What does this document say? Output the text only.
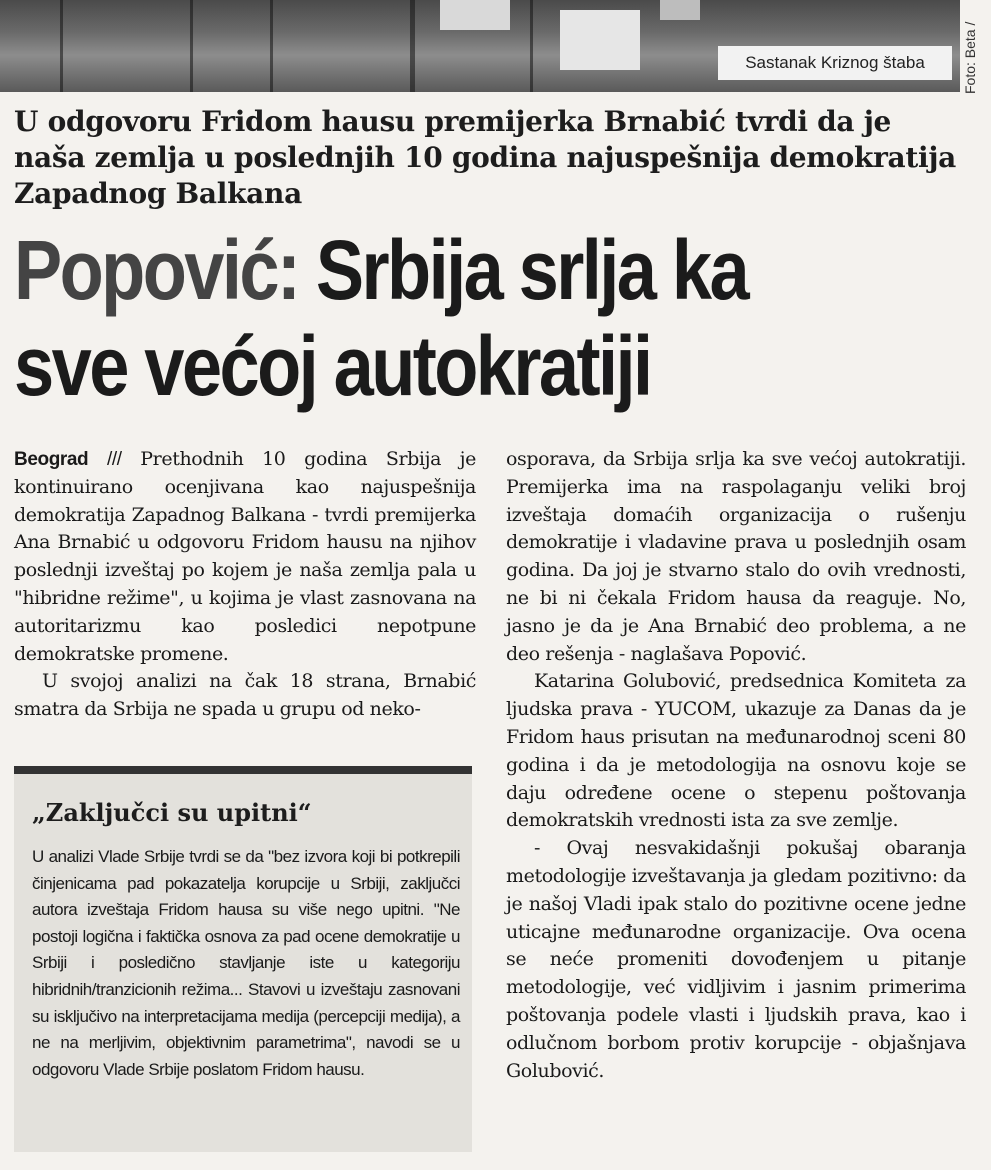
Sastanak Kriznog štaba	Foto: Beta /
U odgovoru Fridom hausu premijerka Brnabić tvrdi da je naša zemlja u poslednjih 10 godina najuspešnija demokratija Zapadnog Balkana
Popović: Srbija srlja ka
sve većoj autokratiji

Beograd /// Prethodnih 10 godina Srbija je kontinuirano ocenjivana kao najuspešnija demokratija Zapadnog Balkana - tvrdi premijerka Ana Brnabić u odgovoru Fridom hausu na njihov poslednji izveštaj po kojem je naša zemlja pala u "hibridne režime", u kojima je vlast zasnovana na autoritarizmu kao posledici nepotpune demokratske promene.

U svojoj analizi na čak 18 strana, Brnabić smatra da Srbija ne spada u grupu od neko-

„Zaključci su upitni“

U analizi Vlade Srbije tvrdi se da "bez izvora koji bi potkrepili činjenicama pad pokazatelja korupcije u Srbiji, zaključci autora izveštaja Fridom hausa su više nego upitni. "Ne postoji logična i faktička osnova za pad ocene demokratije u Srbiji i posledično stavljanje iste u kategoriju hibridnih/tranzicionih režima... Stavovi u izveštaju zasnovani su isključivo na interpretacijama medija (percepciji medija), a ne na merljivim, objektivnim parametrima", navodi se u odgovoru Vlade Srbije poslatom Fridom hausu.

osporava, da Srbija srlja ka sve većoj autokratiji. Premijerka ima na raspolaganju veliki broj izveštaja domaćih organizacija o rušenju demokratije i vladavine prava u poslednjih osam godina. Da joj je stvarno stalo do ovih vrednosti, ne bi ni čekala Fridom hausa da reaguje. No, jasno je da je Ana Brnabić deo problema, a ne deo rešenja - naglašava Popović.

Katarina Golubović, predsednica Komiteta za ljudska prava - YUCOM, ukazuje za Danas da je Fridom haus prisutan na međunarodnoj sceni 80 godina i da je metodologija na osnovu koje se daju određene ocene o stepenu poštovanja demokratskih vrednosti ista za sve zemlje.

- Ovaj nesvakidašnji pokušaj obaranja metodologije izveštavanja ja gledam pozitivno: da je našoj Vladi ipak stalo do pozitivne ocene jedne uticajne međunarodne organizacije. Ova ocena se neće promeniti dovođenjem u pitanje metodologije, već vidljivim i jasnim primerima poštovanja podele vlasti i ljudskih prava, kao i odlučnom borbom protiv korupcije - objašnjava Golubović.
